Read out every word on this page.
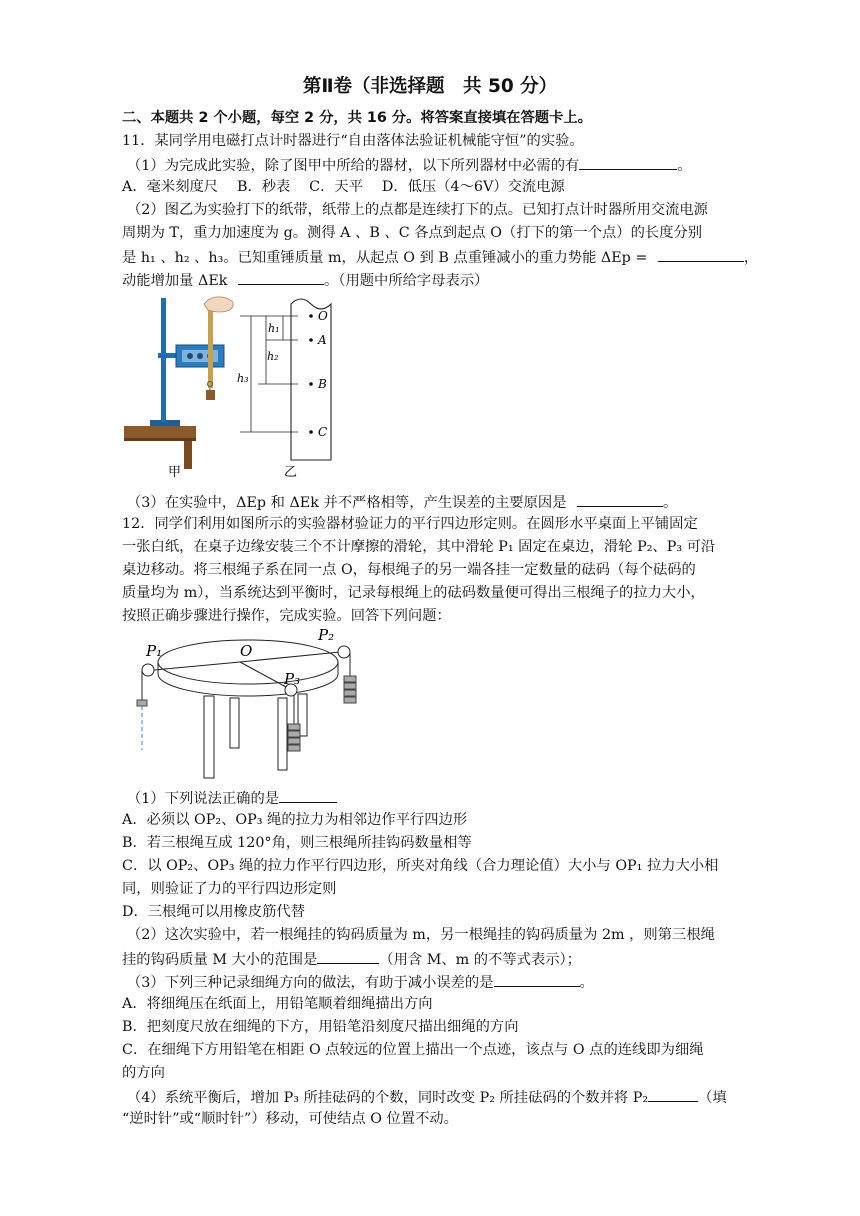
第Ⅱ卷（非选择题　共 50 分）
二、本题共 2 个小题，每空 2 分，共 16 分。将答案直接填在答题卡上。
11．某同学用电磁打点计时器进行“自由落体法验证机械能守恒”的实验。
（1）为完成此实验，除了图甲中所给的器材，以下所列器材中必需的有	。
A．毫米刻度尺　 B．秒表　 C．天平　 D．低压（4～6V）交流电源
（2）图乙为实验打下的纸带，纸带上的点都是连续打下的点。已知打点计时器所用交流电源
周期为 T，重力加速度为 g。测得 A 、B 、C 各点到起点 O（打下的第一个点）的长度分别
是 h₁ 、h₂ 、h₃。已知重锤质量 m，从起点 O 到 B 点重锤减小的重力势能 ΔEp =	，
动能增加量 ΔEk	。（用题中所给字母表示）
甲
h₁
h₂
h₃
O
A
B
C
乙
（3）在实验中，ΔEp 和 ΔEk 并不严格相等，产生误差的主要原因是	。
12．同学们利用如图所示的实验器材验证力的平行四边形定则。在圆形水平桌面上平铺固定
一张白纸，在桌子边缘安装三个不计摩擦的滑轮，其中滑轮 P₁ 固定在桌边，滑轮 P₂、P₃ 可沿
桌边移动。将三根绳子系在同一点 O，每根绳子的另一端各挂一定数量的砝码（每个砝码的
质量均为 m），当系统达到平衡时，记录每根绳上的砝码数量便可得出三根绳子的拉力大小，
按照正确步骤进行操作，完成实验。回答下列问题：
P₁	O
P₂
P₃
（1）下列说法正确的是
A．必须以 OP₂、OP₃ 绳的拉力为相邻边作平行四边形
B．若三根绳互成 120°角，则三根绳所挂钩码数量相等
C．以 OP₂、OP₃ 绳的拉力作平行四边形，所夹对角线（合力理论值）大小与 OP₁ 拉力大小相
同，则验证了力的平行四边形定则
D．三根绳可以用橡皮筋代替
（2）这次实验中，若一根绳挂的钩码质量为 m，另一根绳挂的钩码质量为 2m ，则第三根绳
挂的钩码质量 M 大小的范围是	（用含 M、m 的不等式表示）；
（3）下列三种记录细绳方向的做法，有助于减小误差的是	。
A．将细绳压在纸面上，用铅笔顺着细绳描出方向
B．把刻度尺放在细绳的下方，用铅笔沿刻度尺描出细绳的方向
C．在细绳下方用铅笔在相距 O 点较远的位置上描出一个点迹，该点与 O 点的连线即为细绳
的方向
（4）系统平衡后，增加 P₃ 所挂砝码的个数，同时改变 P₂ 所挂砝码的个数并将 P₂	（填
“逆时针”或“顺时针”）移动，可使结点 O 位置不动。
